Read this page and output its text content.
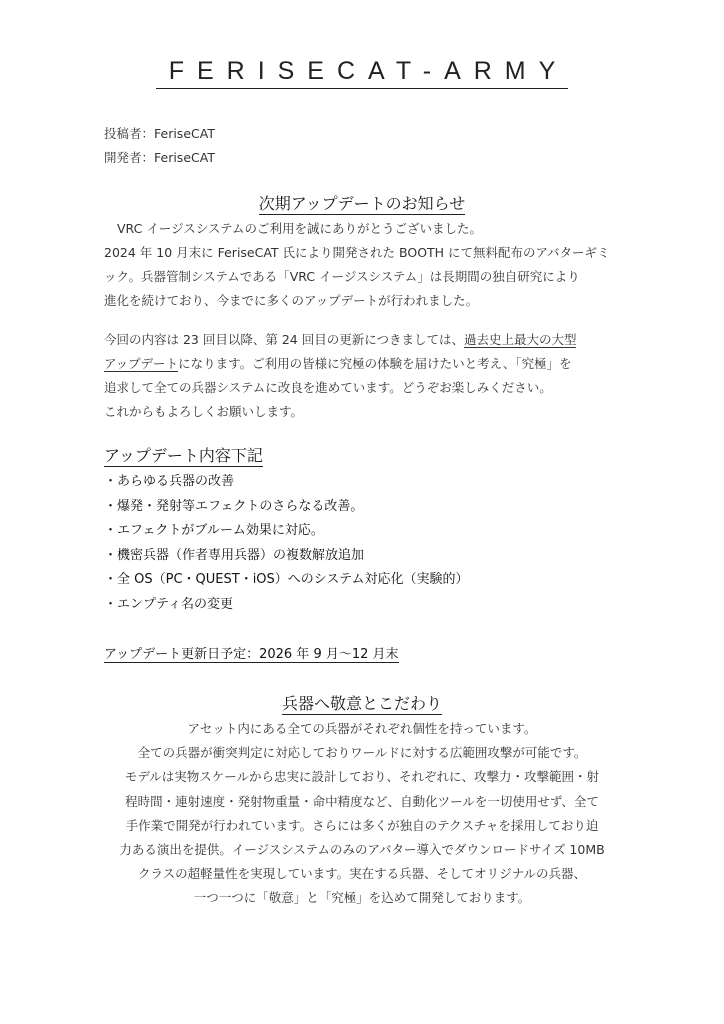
FERISECAT-ARMY
投稿者：FeriseCAT
開発者：FeriseCAT
次期アップデートのお知らせ
VRC イージスシステムのご利用を誠にありがとうございました。
2024 年 10 月末に FeriseCAT 氏により開発された BOOTH にて無料配布のアバターギミ
ック。兵器管制システムである「VRC イージスシステム」は長期間の独自研究により
進化を続けており、今までに多くのアップデートが行われました。
今回の内容は 23 回目以降、第 24 回目の更新につきましては、過去史上最大の大型
アップデートになります。ご利用の皆様に究極の体験を届けたいと考え、「究極」を
追求して全ての兵器システムに改良を進めています。どうぞお楽しみください。
これからもよろしくお願いします。
アップデート内容下記
・あらゆる兵器の改善
・爆発・発射等エフェクトのさらなる改善。
・エフェクトがブルーム効果に対応。
・機密兵器（作者専用兵器）の複数解放追加
・全 OS（PC・QUEST・iOS）へのシステム対応化（実験的）
・エンプティ名の変更
アップデート更新日予定：2026 年 9 月～12 月末
兵器へ敬意とこだわり
アセット内にある全ての兵器がそれぞれ個性を持っています。
全ての兵器が衝突判定に対応しておりワールドに対する広範囲攻撃が可能です。
モデルは実物スケールから忠実に設計しており、それぞれに、攻撃力・攻撃範囲・射
程時間・連射速度・発射物重量・命中精度など、自動化ツールを一切使用せず、全て
手作業で開発が行われています。さらには多くが独自のテクスチャを採用しており迫
力ある演出を提供。イージスシステムのみのアバター導入でダウンロードサイズ 10MB
クラスの超軽量性を実現しています。実在する兵器、そしてオリジナルの兵器、
一つ一つに「敬意」と「究極」を込めて開発しております。
